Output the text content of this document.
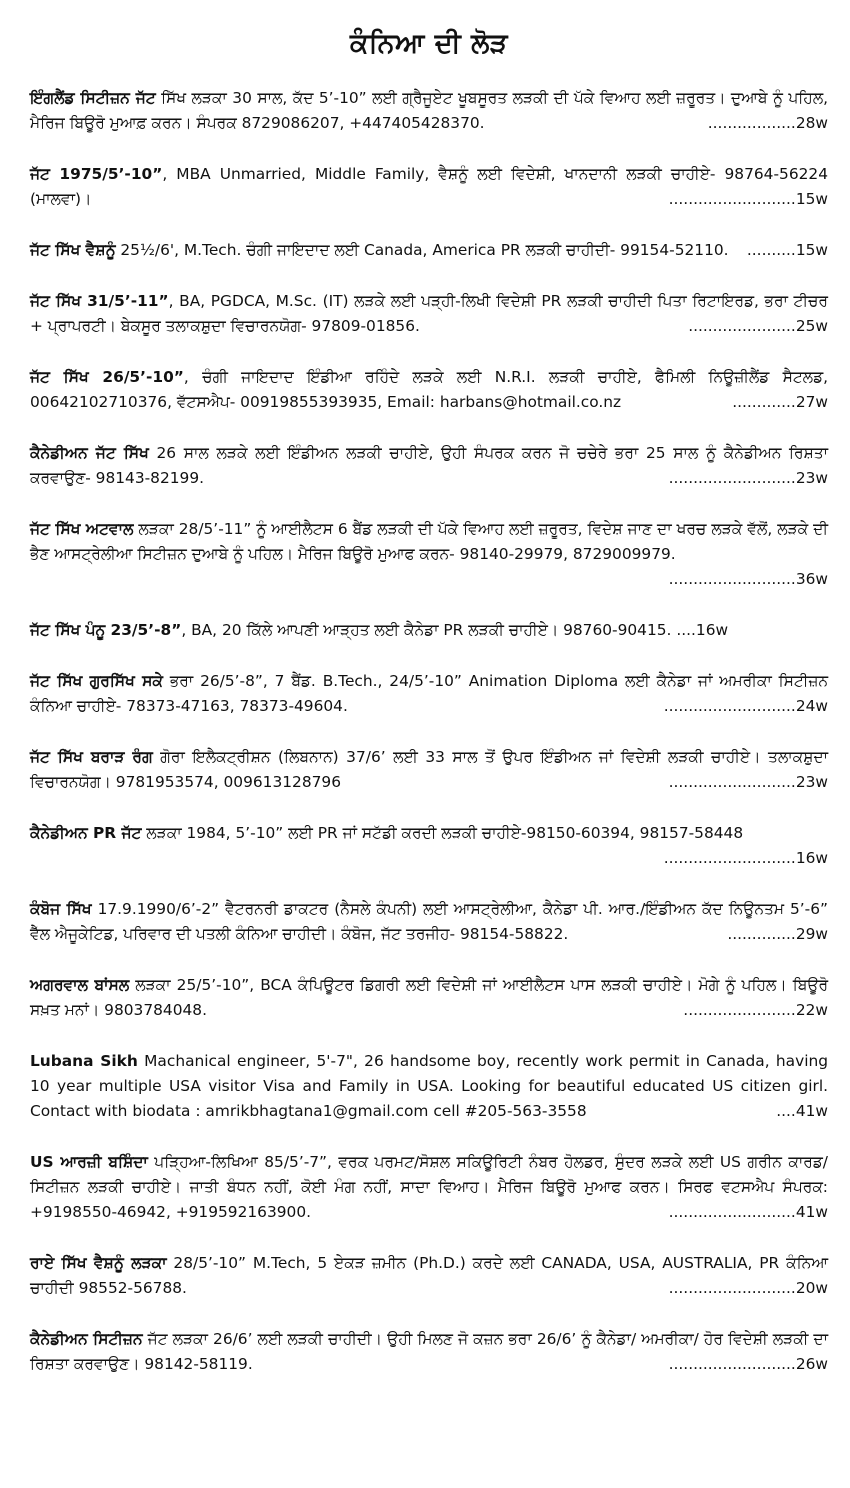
ਕੰਨਿਆ ਦੀ ਲੋੜ

ਇੰਗਲੈਂਡ ਸਿਟੀਜ਼ਨ ਜੱਟ ਸਿੱਖ ਲੜਕਾ 30 ਸਾਲ, ਕੱਦ 5’-10” ਲਈ ਗ੍ਰੈਜੂਏਟ ਖੂਬਸੂਰਤ ਲੜਕੀ ਦੀ ਪੱਕੇ ਵਿਆਹ ਲਈ ਜ਼ਰੂਰਤ। ਦੁਆਬੇ ਨੂੰ ਪਹਿਲ, ਮੈਰਿਜ ਬਿਊਰੋ ਮੁਆਫ਼ ਕਰਨ। ਸੰਪਰਕ 8729086207, +447405428370.	..................28w

ਜੱਟ 1975/5’-10”, MBA Unmarried, Middle Family, ਵੈਸ਼ਨੂੰ ਲਈ ਵਿਦੇਸ਼ੀ, ਖਾਨਦਾਨੀ ਲੜਕੀ ਚਾਹੀਏ- 98764-56224 (ਮਾਲਵਾ)।	..........................15w

ਜੱਟ ਸਿੱਖ ਵੈਸ਼ਨੂੰ 25½/6', M.Tech. ਚੰਗੀ ਜਾਇਦਾਦ ਲਈ Canada, America PR ਲੜਕੀ ਚਾਹੀਦੀ- 99154-52110. ..........15w

ਜੱਟ ਸਿੱਖ 31/5’-11”, BA, PGDCA, M.Sc. (IT) ਲੜਕੇ ਲਈ ਪੜ੍ਹੀ-ਲਿਖੀ ਵਿਦੇਸ਼ੀ PR ਲੜਕੀ ਚਾਹੀਦੀ ਪਿਤਾ ਰਿਟਾਇਰਡ, ਭਰਾ ਟੀਚਰ + ਪ੍ਰਾਪਰਟੀ। ਬੇਕਸੂਰ ਤਲਾਕਸ਼ੁਦਾ ਵਿਚਾਰਨਯੋਗ- 97809-01856.	......................25w

ਜੱਟ ਸਿੱਖ 26/5’-10”, ਚੰਗੀ ਜਾਇਦਾਦ ਇੰਡੀਆ ਰਹਿੰਦੇ ਲੜਕੇ ਲਈ N.R.I. ਲੜਕੀ ਚਾਹੀਏ, ਫੈਮਿਲੀ ਨਿਊਜ਼ੀਲੈਂਡ ਸੈਟਲਡ, 00642102710376, ਵੱਟਸਐਪ- 00919855393935, Email: harbans@hotmail.co.nz	.............27w

ਕੈਨੇਡੀਅਨ ਜੱਟ ਸਿੱਖ 26 ਸਾਲ ਲੜਕੇ ਲਈ ਇੰਡੀਅਨ ਲੜਕੀ ਚਾਹੀਏ, ਉਹੀ ਸੰਪਰਕ ਕਰਨ ਜੋ ਚਚੇਰੇ ਭਰਾ 25 ਸਾਲ ਨੂੰ ਕੈਨੇਡੀਅਨ ਰਿਸ਼ਤਾ ਕਰਵਾਉਣ- 98143-82199.	..........................23w

ਜੱਟ ਸਿੱਖ ਅਟਵਾਲ ਲੜਕਾ 28/5’-11” ਨੂੰ ਆਈਲੈਟਸ 6 ਬੈਂਡ ਲੜਕੀ ਦੀ ਪੱਕੇ ਵਿਆਹ ਲਈ ਜ਼ਰੂਰਤ, ਵਿਦੇਸ਼ ਜਾਣ ਦਾ ਖਰਚ ਲੜਕੇ ਵੱਲੋਂ, ਲੜਕੇ ਦੀ ਭੈਣ ਆਸਟ੍ਰੇਲੀਆ ਸਿਟੀਜ਼ਨ ਦੁਆਬੇ ਨੂੰ ਪਹਿਲ। ਮੈਰਿਜ ਬਿਊਰੋ ਮੁਆਫ ਕਰਨ- 98140-29979, 8729009979.
..........................36w

ਜੱਟ ਸਿੱਖ ਪੰਨੂ 23/5’-8”, BA, 20 ਕਿੱਲੇ ਆਪਣੀ ਆੜ੍ਹਤ ਲਈ ਕੈਨੇਡਾ PR ਲੜਕੀ ਚਾਹੀਏ। 98760-90415. ....16w

ਜੱਟ ਸਿੱਖ ਗੁਰਸਿੱਖ ਸਕੇ ਭਰਾ 26/5’-8”, 7 ਬੈਂਡ. B.Tech., 24/5’-10” Animation Diploma ਲਈ ਕੈਨੇਡਾ ਜਾਂ ਅਮਰੀਕਾ ਸਿਟੀਜ਼ਨ ਕੰਨਿਆ ਚਾਹੀਏ- 78373-47163, 78373-49604.	...........................24w

ਜੱਟ ਸਿੱਖ ਬਰਾੜ ਰੰਗ ਗੋਰਾ ਇਲੈਕਟ੍ਰੀਸ਼ਨ (ਲਿਬਨਾਨ) 37/6’ ਲਈ 33 ਸਾਲ ਤੋਂ ਉਪਰ ਇੰਡੀਅਨ ਜਾਂ ਵਿਦੇਸ਼ੀ ਲੜਕੀ ਚਾਹੀਏ। ਤਲਾਕਸ਼ੁਦਾ ਵਿਚਾਰਨਯੋਗ। 9781953574, 009613128796	..........................23w

ਕੈਨੇਡੀਅਨ PR ਜੱਟ ਲੜਕਾ 1984, 5’-10” ਲਈ PR ਜਾਂ ਸਟੱਡੀ ਕਰਦੀ ਲੜਕੀ ਚਾਹੀਏ-98150-60394, 98157-58448
...........................16w

ਕੰਬੋਜ ਸਿੱਖ 17.9.1990/6’-2” ਵੈਟਰਨਰੀ ਡਾਕਟਰ (ਨੈਸਲੇ ਕੰਪਨੀ) ਲਈ ਆਸਟ੍ਰੇਲੀਆ, ਕੈਨੇਡਾ ਪੀ. ਆਰ./ਇੰਡੀਅਨ ਕੱਦ ਨਿਊਨਤਮ 5’-6” ਵੈੱਲ ਐਜੂਕੇਟਿਡ, ਪਰਿਵਾਰ ਦੀ ਪਤਲੀ ਕੰਨਿਆ ਚਾਹੀਦੀ। ਕੰਬੋਜ, ਜੱਟ ਤਰਜੀਹ- 98154-58822.	..............29w

ਅਗਰਵਾਲ ਬਾਂਸਲ ਲੜਕਾ 25/5’-10”, BCA ਕੰਪਿਊਟਰ ਡਿਗਰੀ ਲਈ ਵਿਦੇਸ਼ੀ ਜਾਂ ਆਈਲੈਟਸ ਪਾਸ ਲੜਕੀ ਚਾਹੀਏ। ਮੋਗੇ ਨੂੰ ਪਹਿਲ। ਬਿਊਰੋ ਸਖ਼ਤ ਮਨਾਂ। 9803784048.	.......................22w

Lubana Sikh Machanical engineer, 5'-7", 26 handsome boy, recently work permit in Canada, having 10 year multiple USA visitor Visa and Family in USA. Looking for beautiful educated US citizen girl. Contact with biodata : amrikbhagtana1@gmail.com cell #205-563-3558	....41w

US ਆਰਜ਼ੀ ਬਸ਼ਿੰਦਾ ਪੜ੍ਹਿਆ-ਲਿਖਿਆ 85/5’-7”, ਵਰਕ ਪਰਮਟ/ਸੋਸ਼ਲ ਸਕਿਊਰਿਟੀ ਨੰਬਰ ਹੋਲਡਰ, ਸੁੰਦਰ ਲੜਕੇ ਲਈ US ਗਰੀਨ ਕਾਰਡ/ਸਿਟੀਜ਼ਨ ਲੜਕੀ ਚਾਹੀਏ। ਜਾਤੀ ਬੰਧਨ ਨਹੀਂ, ਕੋਈ ਮੰਗ ਨਹੀਂ, ਸਾਦਾ ਵਿਆਹ। ਮੈਰਿਜ ਬਿਊਰੋ ਮੁਆਫ ਕਰਨ। ਸਿਰਫ ਵਟਸਐਪ ਸੰਪਰਕ: +9198550-46942, +919592163900.	..........................41w

ਰਾਏ ਸਿੱਖ ਵੈਸ਼ਨੂੰ ਲੜਕਾ 28/5’-10” M.Tech, 5 ਏਕੜ ਜ਼ਮੀਨ (Ph.D.) ਕਰਦੇ ਲਈ CANADA, USA, AUSTRALIA, PR ਕੰਨਿਆ ਚਾਹੀਦੀ 98552-56788.	..........................20w

ਕੈਨੇਡੀਅਨ ਸਿਟੀਜ਼ਨ ਜੱਟ ਲੜਕਾ 26/6’ ਲਈ ਲੜਕੀ ਚਾਹੀਦੀ। ਉਹੀ ਮਿਲਣ ਜੋ ਕਜ਼ਨ ਭਰਾ 26/6’ ਨੂੰ ਕੈਨੇਡਾ/ ਅਮਰੀਕਾ/ ਹੋਰ ਵਿਦੇਸ਼ੀ ਲੜਕੀ ਦਾ ਰਿਸ਼ਤਾ ਕਰਵਾਉਣ। 98142-58119.	..........................26w
